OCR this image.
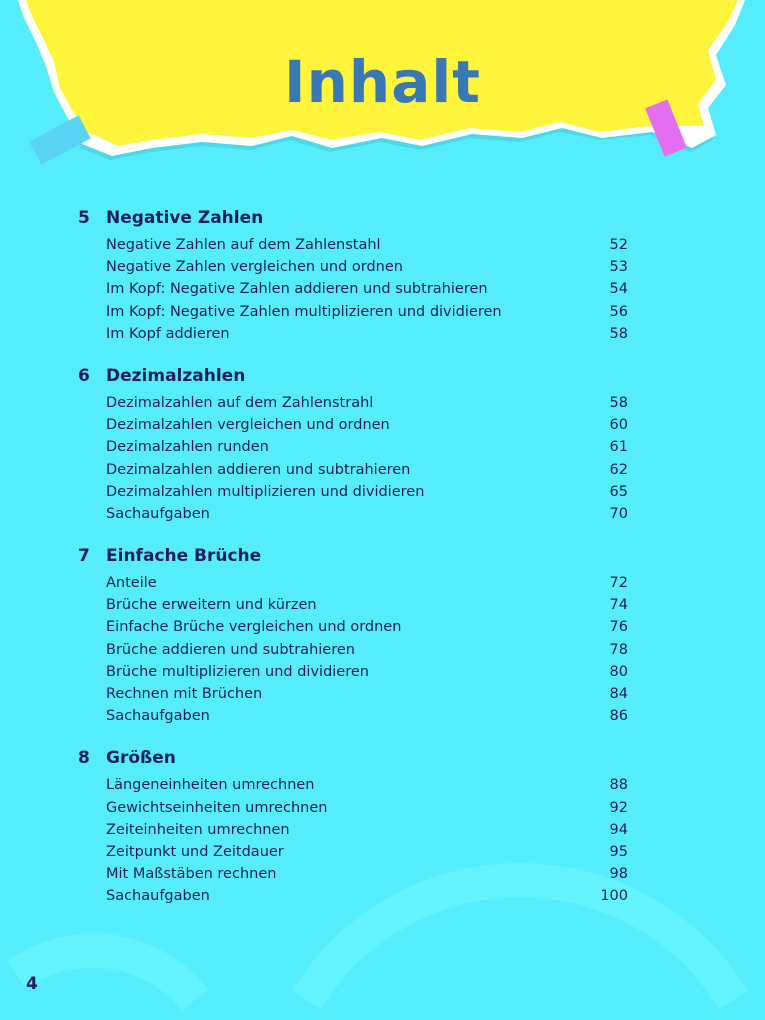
Inhalt
5 Negative Zahlen
Negative Zahlen auf dem Zahlenstahl	52
Negative Zahlen vergleichen und ordnen	53
Im Kopf: Negative Zahlen addieren und subtrahieren	54
Im Kopf: Negative Zahlen multiplizieren und dividieren	56
Im Kopf addieren	58
6 Dezimalzahlen
Dezimalzahlen auf dem Zahlenstrahl	58
Dezimalzahlen vergleichen und ordnen	60
Dezimalzahlen runden	61
Dezimalzahlen addieren und subtrahieren	62
Dezimalzahlen multiplizieren und dividieren	65
Sachaufgaben	70
7 Einfache Brüche
Anteile	72
Brüche erweitern und kürzen	74
Einfache Brüche vergleichen und ordnen	76
Brüche addieren und subtrahieren	78
Brüche multiplizieren und dividieren	80
Rechnen mit Brüchen	84
Sachaufgaben	86
8 Größen
Längeneinheiten umrechnen	88
Gewichtseinheiten umrechnen	92
Zeiteinheiten umrechnen	94
Zeitpunkt und Zeitdauer	95
Mit Maßstäben rechnen	98
Sachaufgaben	100
4
